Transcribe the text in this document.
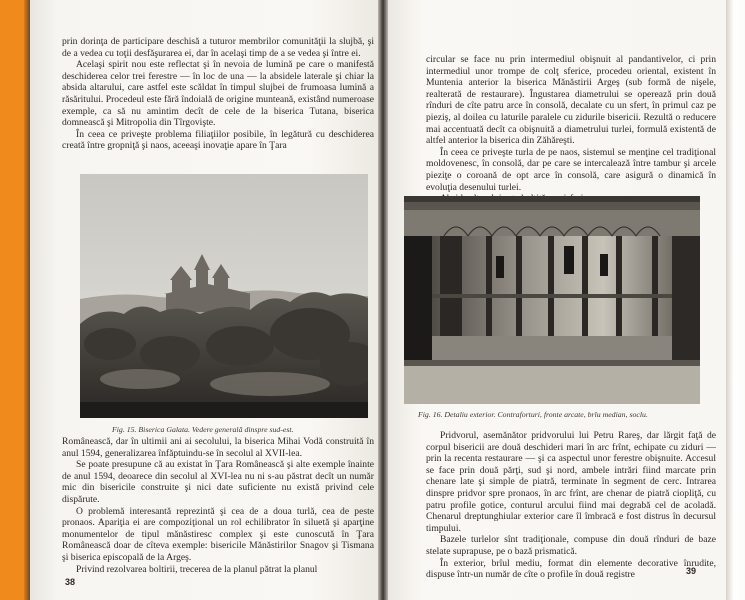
prin dorinţa de participare deschisă a tuturor membrilor comunităţii la slujbă, şi de a vedea cu toţii desfăşurarea ei, dar în acelaşi timp de a se vedea şi între ei.

Acelaşi spirit nou este reflectat şi în nevoia de lumină pe care o manifestă deschiderea celor trei ferestre — în loc de una — la absidele laterale şi chiar la absida altarului, care astfel este scăldat în timpul slujbei de frumoasa lumină a răsăritului. Procedeul este fără îndoială de origine munteană, existând numeroase exemple, ca să nu amintim decît de cele de la biserica Tutana, biserica domnească şi Mitropolia din Tîrgovişte.

În ceea ce priveşte problema filiaţiilor posibile, în legătură cu deschiderea creată între gropniţă şi naos, aceeaşi inovaţie apare în Ţara

Fig. 15. Biserica Galata. Vedere generală dinspre sud-est.

Românească, dar în ultimii ani ai secolului, la biserica Mihai Vodă construită în anul 1594, generalizarea înfăptuindu-se în secolul al XVII-lea.

Se poate presupune că au existat în Ţara Românească şi alte exemple înainte de anul 1594, deoarece din secolul al XVI-lea nu ni s-au păstrat decît un număr mic din bisericile construite şi nici date suficiente nu există privind cele dispărute.

O problemă interesantă reprezintă şi cea de a doua turlă, cea de peste pronaos. Apariţia ei are compoziţional un rol echilibrator în siluetă şi aparţine monumentelor de tipul mănăstiresc complex şi este cunoscută în Ţara Românească doar de cîteva exemple: bisericile Mănăstirilor Snagov şi Tismana şi biserica episcopală de la Argeş.

Privind rezolvarea boltirii, trecerea de la planul pătrat la planul

38

circular se face nu prin intermediul obişnuit al pandantivelor, ci prin intermediul unor trompe de colţ sferice, procedeu oriental, existent în Muntenia anterior la biserica Mănăstirii Argeş (sub formă de nişele, realterată de restaurare). Îngustarea diametrului se operează prin două rînduri de cîte patru arce în consolă, decalate cu un sfert, în primul caz pe pieziş, al doilea cu laturile paralele cu zidurile bisericii. Rezultă o reducere mai accentuată decît ca obişnuită a diametrului turlei, formulă existentă de altfel anterior la biserica din Zăhăreşti.

În ceea ce priveşte turla de pe naos, sistemul se menţine cel tradiţional moldovenesc, în consolă, dar pe care se intercalează între tambur şi arcele pieziţe o coroană de opt arce în consolă, care asigură o dinamică în evoluţia desenului turlei.

Fig. 16. Detaliu exterior. Contraforturi, fronte arcate, brîu median, soclu.

Pridvorul, asemănător pridvorului lui Petru Rareş, dar lărgit faţă de corpul bisericii are două deschideri mari în arc frînt, echipate cu ziduri — prin la recenta restaurare — şi ca aspectul unor ferestre obişnuite. Accesul se face prin două părţi, sud şi nord, ambele intrări fiind marcate prin chenare late şi simple de piatră, terminate în segment de cerc. Intrarea dinspre pridvor spre pronaos, în arc frînt, are chenar de piatră ciopliţă, cu patru profile gotice, conturul arcului fiind mai degrabă cel de acoladă. Chenarul dreptunghiular exterior care îl îmbracă e fost distrus în decursul timpului.

Bazele turlelor sînt tradiţionale, compuse din două rînduri de baze stelate suprapuse, pe o bază prismatică.

În exterior, brîul mediu, format din elemente decorative înrudite, dispuse într-un număr de cîte o profile în două registre	39
